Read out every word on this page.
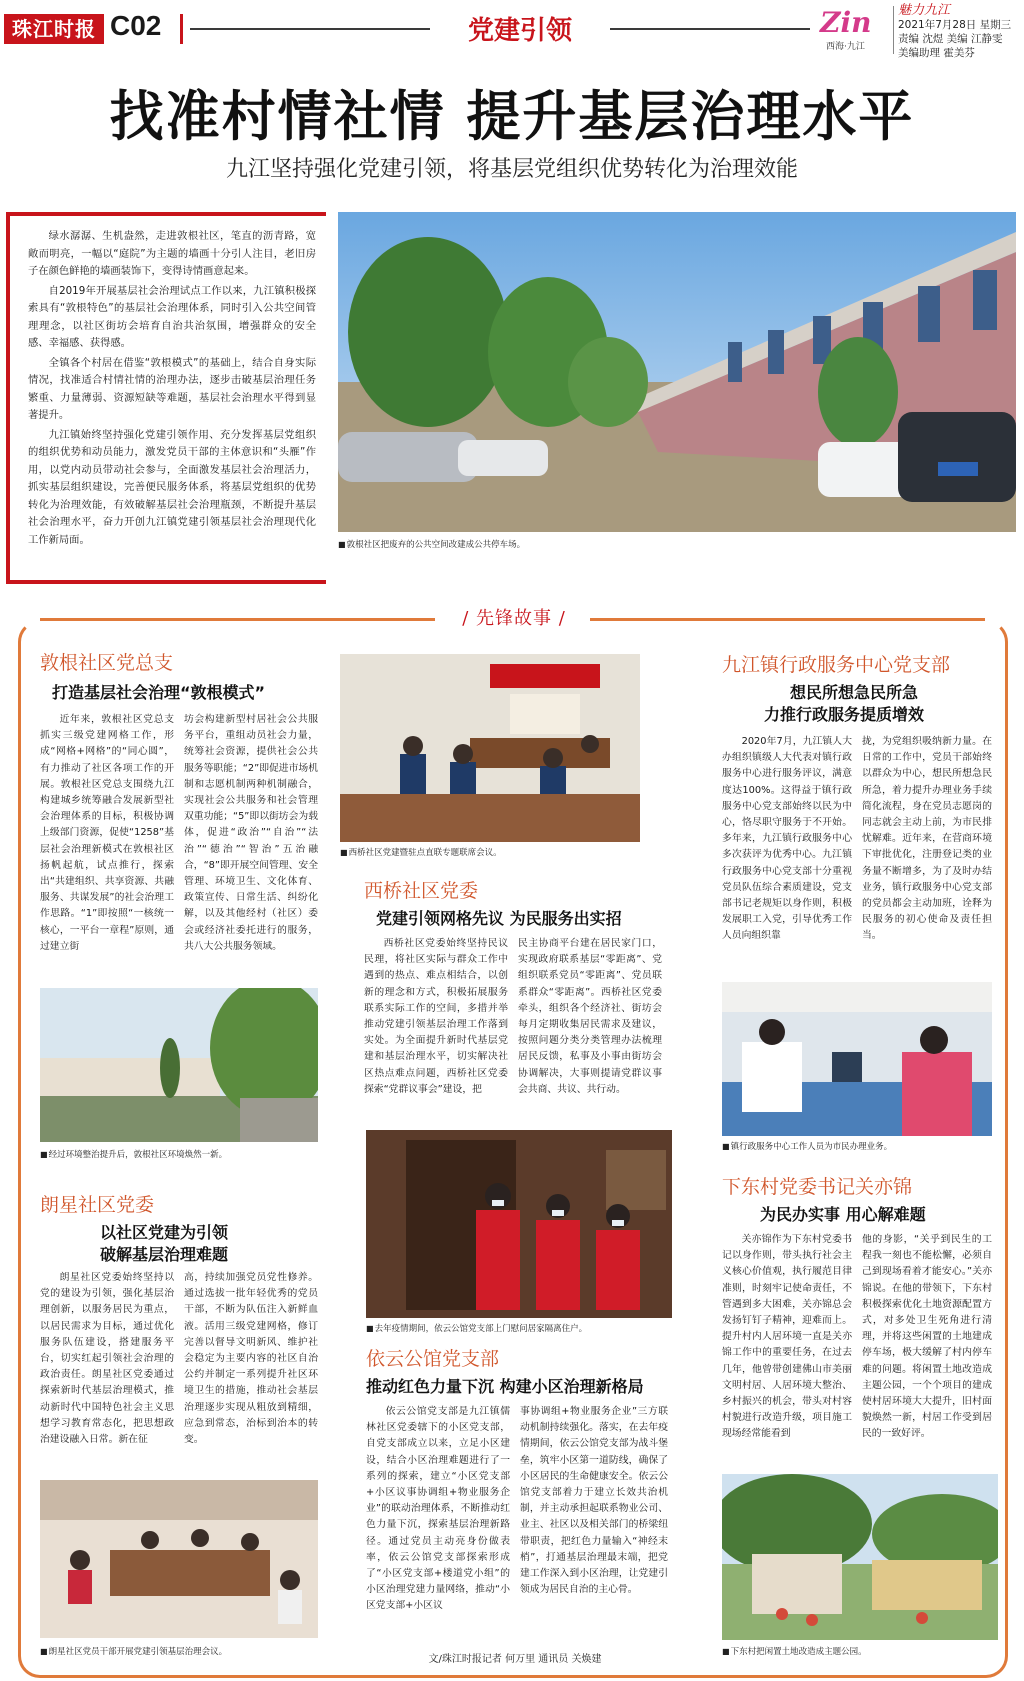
珠江时报 C02	党建引领	Zin
西海·九江
魅力九江
2021年7月28日 星期三
责编 沈煜 美编 江静雯
美编助理 霍美芬
找准村情社情 提升基层治理水平
九江坚持强化党建引领，将基层党组织优势转化为治理效能

绿水潺潺、生机盎然，走进敦根社区，笔直的沥青路，宽敞而明亮，一幅以“庭院”为主题的墙画十分引人注目，老旧房子在颜色鲜艳的墙画装饰下，变得诗情画意起来。

自2019年开展基层社会治理试点工作以来，九江镇积极探索具有“敦根特色”的基层社会治理体系，同时引入公共空间管理理念，以社区街坊会培育自治共治氛围，增强群众的安全感、幸福感、获得感。

全镇各个村居在借鉴“敦根模式”的基础上，结合自身实际情况，找准适合村情社情的治理办法，逐步击破基层治理任务繁重、力量薄弱、资源短缺等难题，基层社会治理水平得到显著提升。

九江镇始终坚持强化党建引领作用、充分发挥基层党组织的组织优势和动员能力，激发党员干部的主体意识和“头雁”作用，以党内动员带动社会参与，全面激发基层社会治理活力，抓实基层组织建设，完善便民服务体系，将基层党组织的优势转化为治理效能，有效破解基层社会治理瓶颈，不断提升基层社会治理水平，奋力开创九江镇党建引领基层社会治理现代化工作新局面。

■	敦根社区把废弃的公共空间改建成公共停车场。
/ 先锋故事 /
敦根社区党总支
打造基层社会治理“敦根模式”

近年来，敦根社区党总支抓实三级党建网格工作，形成“网格+网格”的“同心圆”，有力推动了社区各项工作的开展。敦根社区党总支围绕九江构建城乡统筹融合发展新型社会治理体系的目标，积极协调上级部门资源，促使“1258”基层社会治理新模式在敦根社区扬帆起航，试点推行，探索出“共建组织、共享资源、共融服务、共谋发展”的社会治理工作思路。“1”即按照“一核统一核心，一平台一章程”原则，通过建立街

坊会构建新型村居社会公共服务平台，重组动员社会力量，统筹社会资源，提供社会公共服务等职能；“2”即促进市场机制和志愿机制两种机制融合，实现社会公共服务和社会管理双重功能；“5”即以街坊会为载体，促进“政治”“自治”“法治”“德治”“智治”五治融合，“8”即开展空间管理、安全管理、环境卫生、文化体育、政策宣传、日常生活、纠纷化解，以及其他经村（社区）委会或经济社委托进行的服务，共八大公共服务领域。

■ 经过环境整治提升后，敦根社区环境焕然一新。
朗星社区党委
以社区党建为引领
破解基层治理难题

朗星社区党委始终坚持以党的建设为引领，强化基层治理创新，以服务居民为重点，以居民需求为目标，通过优化服务队伍建设，搭建服务平台，切实红起引领社会治理的政治责任。朗星社区党委通过探索新时代基层治理模式，推动新时代中国特色社会主义思想学习教育常态化，把思想政治建设融入日常。新在征

高，持续加强党员党性修养。通过选拔一批年轻优秀的党员干部，不断为队伍注入新鲜血液。活用三级党建网格，修订完善以督导文明新风、维护社会稳定为主要内容的社区自治公约并制定一系列提升社区环境卫生的措施，推动社会基层治理逐步实现从粗放到精细，应急到常态，治标到治本的转变。

■ 朗星社区党员干部开展党建引领基层治理会议。
■ 西桥社区党建暨驻点直联专题联席会议。
西桥社区党委
党建引领网格先议 为民服务出实招

西桥社区党委始终坚持民议民理，将社区实际与群众工作中遇到的热点、难点相结合，以创新的理念和方式，积极拓展服务联系实际工作的空间，多措并举推动党建引领基层治理工作落到实处。为全面提升新时代基层党建和基层治理水平，切实解决社区热点难点问题，西桥社区党委探索“党群议事会”建设，把

民主协商平台建在居民家门口，实现政府联系基层“零距离”、党组织联系党员“零距离”、党员联系群众“零距离”。西桥社区党委牵头，组织各个经济社、街坊会每月定期收集居民需求及建议，按照问题分类分类管理办法梳理居民反馈，私事及小事由街坊会协调解决，大事则提请党群议事会共商、共议、共行动。

■ 去年疫情期间，依云公馆党支部上门慰问居家隔离住户。
依云公馆党支部
推动红色力量下沉 构建小区治理新格局

依云公馆党支部是九江镇儒林社区党委辖下的小区党支部，自党支部成立以来，立足小区建设，结合小区治理难题进行了一系列的探索，建立“小区党支部+小区议事协调组+物业服务企业”的联动治理体系，不断推动红色力量下沉，探索基层治理新路径。通过党员主动亮身份做表率，依云公馆党支部探索形成了“小区党支部+楼道党小组”的小区治理党建力量网络，推动“小区党支部+小区议

事协调组+物业服务企业”三方联动机制持续强化。落实，在去年疫情期间，依云公馆党支部为战斗堡垒，筑牢小区第一道防线，确保了小区居民的生命健康安全。依云公馆党支部着力于建立长效共治机制，并主动承担起联系物业公司、业主、社区以及相关部门的桥梁纽带职责，把红色力量输入“神经末梢”，打通基层治理最末端，把党建工作深入到小区治理，让党建引领成为居民自治的主心骨。

九江镇行政服务中心党支部
想民所想急民所急
力推行政服务提质增效

2020年7月，九江镇人大办组织镇级人大代表对镇行政服务中心进行服务评议，满意度达100%。这得益于镇行政服务中心党支部始终以民为中心，恪尽职守服务于不开始。多年来，九江镇行政服务中心多次获评为优秀中心。九江镇行政服务中心党支部十分重视党员队伍综合素质建设，党支部书记老规矩以身作则，积极发展职工入党，引导优秀工作人员向组织靠

拢，为党组织吸纳新力量。在日常的工作中，党员干部始终以群众为中心，想民所想急民所急，着力提升办理业务手续简化流程，身在党员志愿岗的同志就会主动上前，为市民排忧解难。近年来，在营商环境下审批优化，注册登记类的业务量不断增多，为了及时办结业务，镇行政服务中心党支部的党员都会主动加班，诠释为民服务的初心使命及责任担当。

■ 镇行政服务中心工作人员为市民办理业务。
下东村党委书记关亦锦
为民办实事 用心解难题

关亦锦作为下东村党委书记以身作则，带头执行社会主义核心价值观，执行履范目律准则，时刻牢记使命责任，不管遇到多大困难，关亦锦总会发扬钉钉子精神，迎难而上。提升村内人居环境一直是关亦锦工作中的重要任务，在过去几年，他曾带创建佛山市美丽文明村居、人居环境大整治、乡村振兴的机会，带头对村容村貌进行改造升级，项目施工现场经常能看到

他的身影，“关乎到民生的工程我一刻也不能松懈，必须自己到现场看着才能安心。”关亦锦说。在他的带领下，下东村积极探索优化土地资源配置方式，对多处卫生死角进行清理，并将这些闲置的土地建成停车场，极大缓解了村内停车难的问题。将闲置土地改造成主题公园，一个个项目的建成使村居环境大大提升，旧村面貌焕然一新，村居工作受到居民的一致好评。

■ 下东村把闲置土地改造成主题公园。
文/珠江时报记者 何万里 通讯员 关焕建
